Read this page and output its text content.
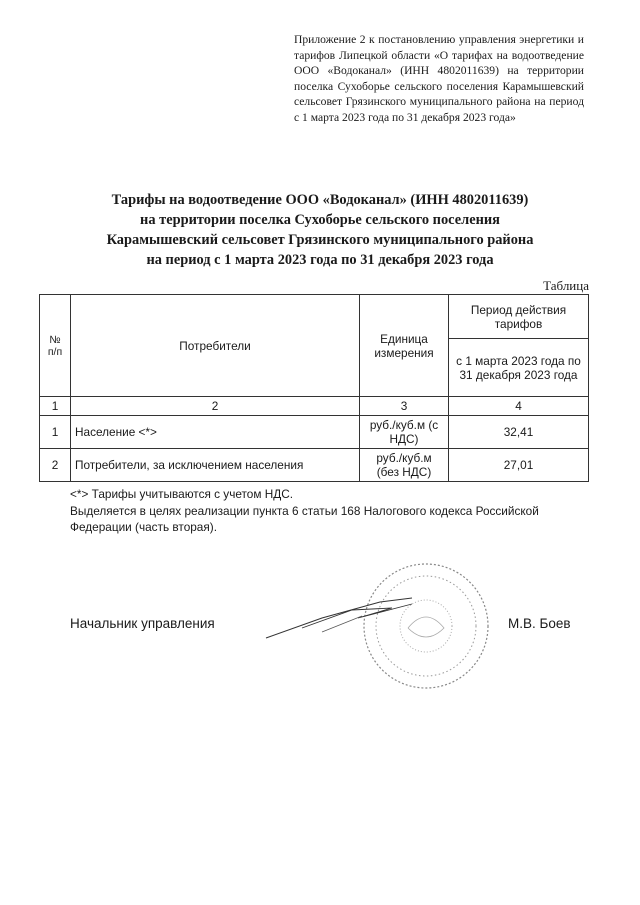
Приложение 2 к постановлению управления энергетики и тарифов Липецкой области «О тарифах на водоотведение ООО «Водоканал» (ИНН 4802011639) на территории поселка Сухоборье сельского поселения Карамышевский сельсовет Грязинского муниципального района на период с 1 марта 2023 года по 31 декабря 2023 года»
Тарифы на водоотведение ООО «Водоканал» (ИНН 4802011639)
на территории поселка Сухоборье сельского поселения
Карамышевский сельсовет Грязинского муниципального района
на период с 1 марта 2023 года по 31 декабря 2023 года
Таблица
№ п/п	Потребители	Единица измерения	Период действия тарифов
			с 1 марта 2023 года по 31 декабря 2023 года
1	2	3	4
1	Население <*>	руб./куб.м (с НДС)	32,41
2	Потребители, за исключением населения	руб./куб.м (без НДС)	27,01
<*> Тарифы учитываются с учетом НДС.
Выделяется в целях реализации пункта 6 статьи 168 Налогового кодекса Российской Федерации (часть вторая).
Начальник управления	М.В. Боев
